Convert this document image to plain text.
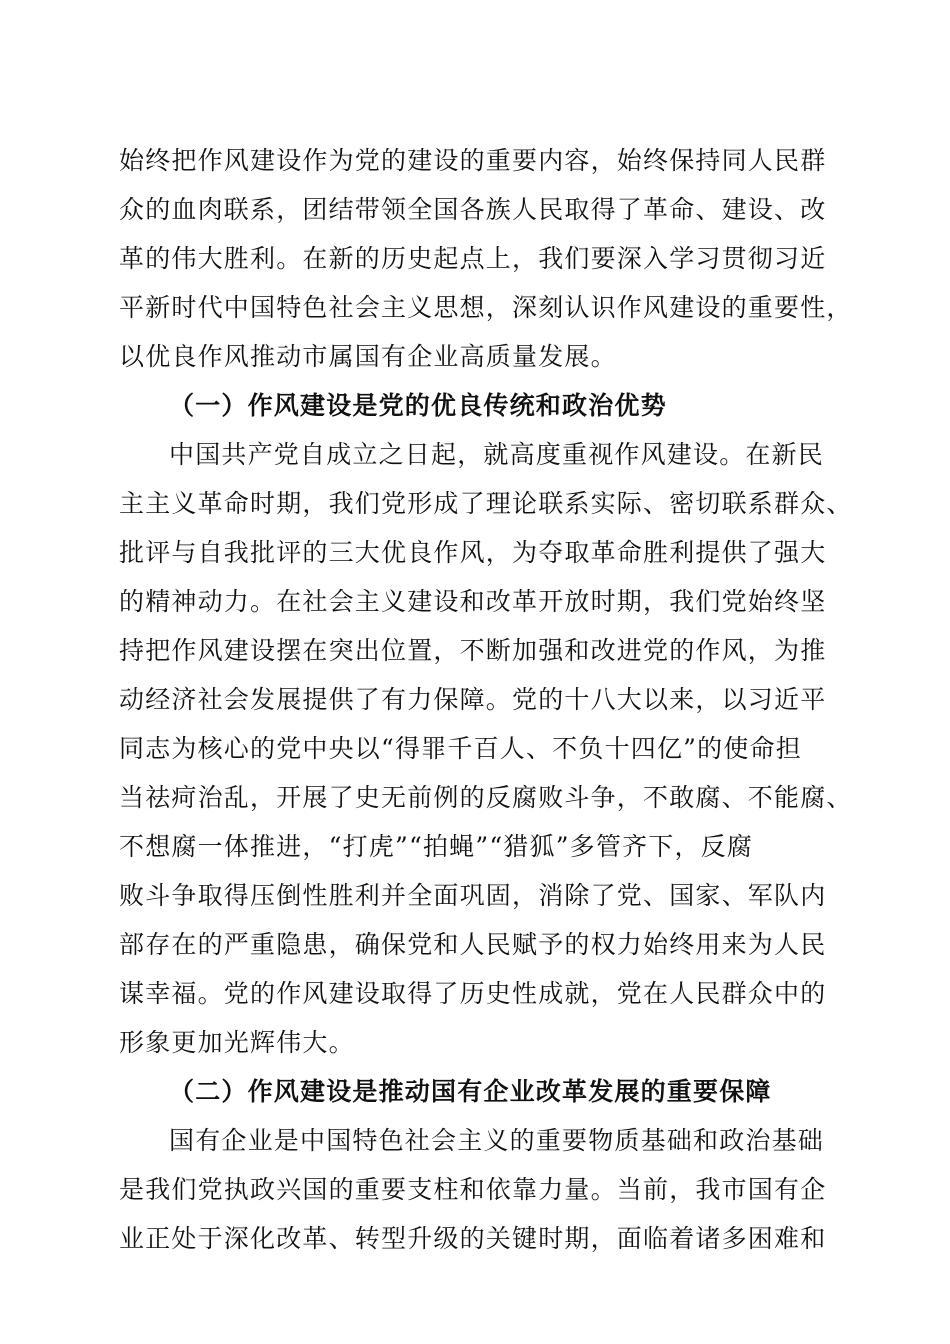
始终把作风建设作为党的建设的重要内容，始终保持同人民群
众的血肉联系，团结带领全国各族人民取得了革命、建设、改
革的伟大胜利。在新的历史起点上，我们要深入学习贯彻习近
平新时代中国特色社会主义思想，深刻认识作风建设的重要性，
以优良作风推动市属国有企业高质量发展。
（一）作风建设是党的优良传统和政治优势
中国共产党自成立之日起，就高度重视作风建设。在新民
主主义革命时期，我们党形成了理论联系实际、密切联系群众、
批评与自我批评的三大优良作风，为夺取革命胜利提供了强大
的精神动力。在社会主义建设和改革开放时期，我们党始终坚
持把作风建设摆在突出位置，不断加强和改进党的作风，为推
动经济社会发展提供了有力保障。党的十八大以来，以习近平
同志为核心的党中央以“得罪千百人、不负十四亿”的使命担
当祛疴治乱，开展了史无前例的反腐败斗争，不敢腐、不能腐、
不想腐一体推进，“打虎”“拍蝇”“猎狐”多管齐下，反腐
败斗争取得压倒性胜利并全面巩固，消除了党、国家、军队内
部存在的严重隐患，确保党和人民赋予的权力始终用来为人民
谋幸福。党的作风建设取得了历史性成就，党在人民群众中的
形象更加光辉伟大。
（二）作风建设是推动国有企业改革发展的重要保障
国有企业是中国特色社会主义的重要物质基础和政治基础
是我们党执政兴国的重要支柱和依靠力量。当前，我市国有企
业正处于深化改革、转型升级的关键时期，面临着诸多困难和
